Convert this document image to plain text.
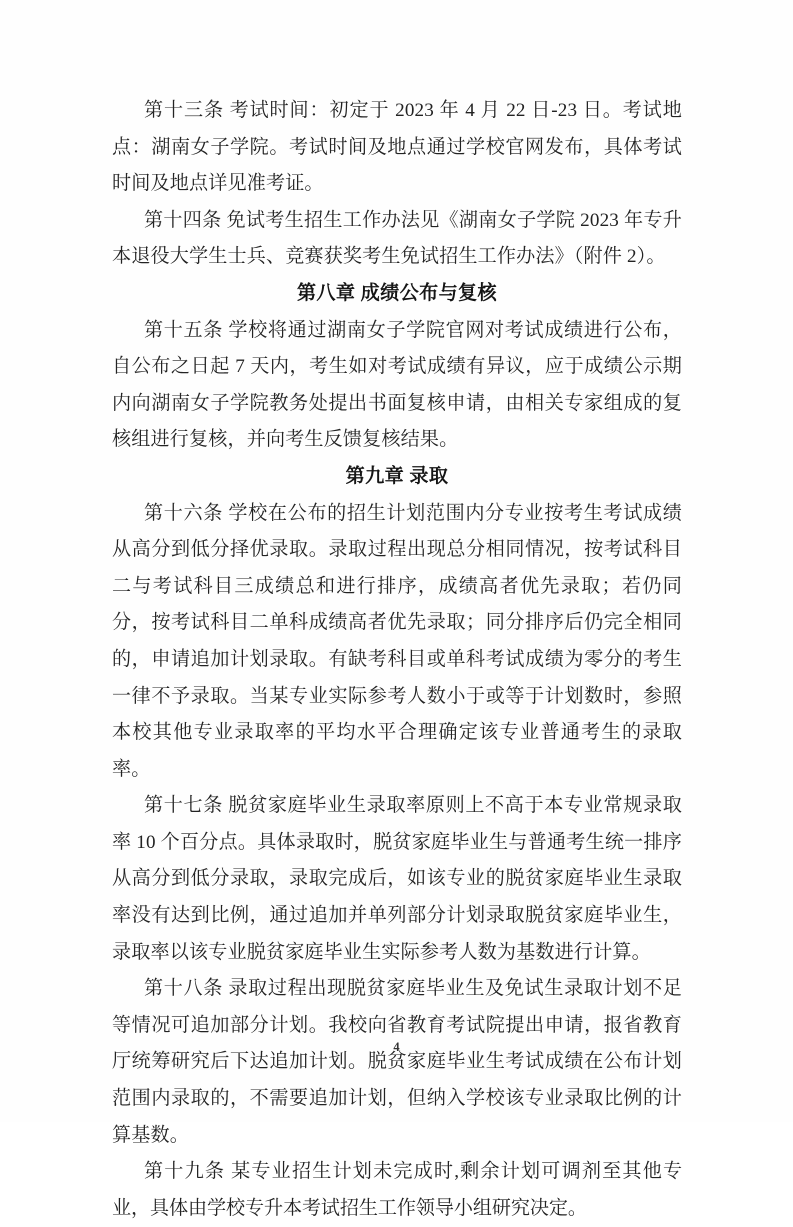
第十三条 考试时间：初定于 2023 年 4 月 22 日-23 日。考试地点：湖南女子学院。考试时间及地点通过学校官网发布，具体考试时间及地点详见准考证。

第十四条 免试考生招生工作办法见《湖南女子学院 2023 年专升本退役大学生士兵、竞赛获奖考生免试招生工作办法》（附件 2）。

第八章 成绩公布与复核

第十五条 学校将通过湖南女子学院官网对考试成绩进行公布，自公布之日起 7 天内，考生如对考试成绩有异议，应于成绩公示期内向湖南女子学院教务处提出书面复核申请，由相关专家组成的复核组进行复核，并向考生反馈复核结果。

第九章 录取

第十六条 学校在公布的招生计划范围内分专业按考生考试成绩从高分到低分择优录取。录取过程出现总分相同情况，按考试科目二与考试科目三成绩总和进行排序，成绩高者优先录取；若仍同分，按考试科目二单科成绩高者优先录取；同分排序后仍完全相同的，申请追加计划录取。有缺考科目或单科考试成绩为零分的考生一律不予录取。当某专业实际参考人数小于或等于计划数时，参照本校其他专业录取率的平均水平合理确定该专业普通考生的录取率。

第十七条 脱贫家庭毕业生录取率原则上不高于本专业常规录取率 10 个百分点。具体录取时，脱贫家庭毕业生与普通考生统一排序从高分到低分录取，录取完成后，如该专业的脱贫家庭毕业生录取率没有达到比例，通过追加并单列部分计划录取脱贫家庭毕业生，录取率以该专业脱贫家庭毕业生实际参考人数为基数进行计算。

第十八条 录取过程出现脱贫家庭毕业生及免试生录取计划不足等情况可追加部分计划。我校向省教育考试院提出申请，报省教育厅统筹研究后下达追加计划。脱贫家庭毕业生考试成绩在公布计划范围内录取的，不需要追加计划，但纳入学校该专业录取比例的计算基数。

第十九条 某专业招生计划未完成时,剩余计划可调剂至其他专业，具体由学校专升本考试招生工作领导小组研究决定。

4
